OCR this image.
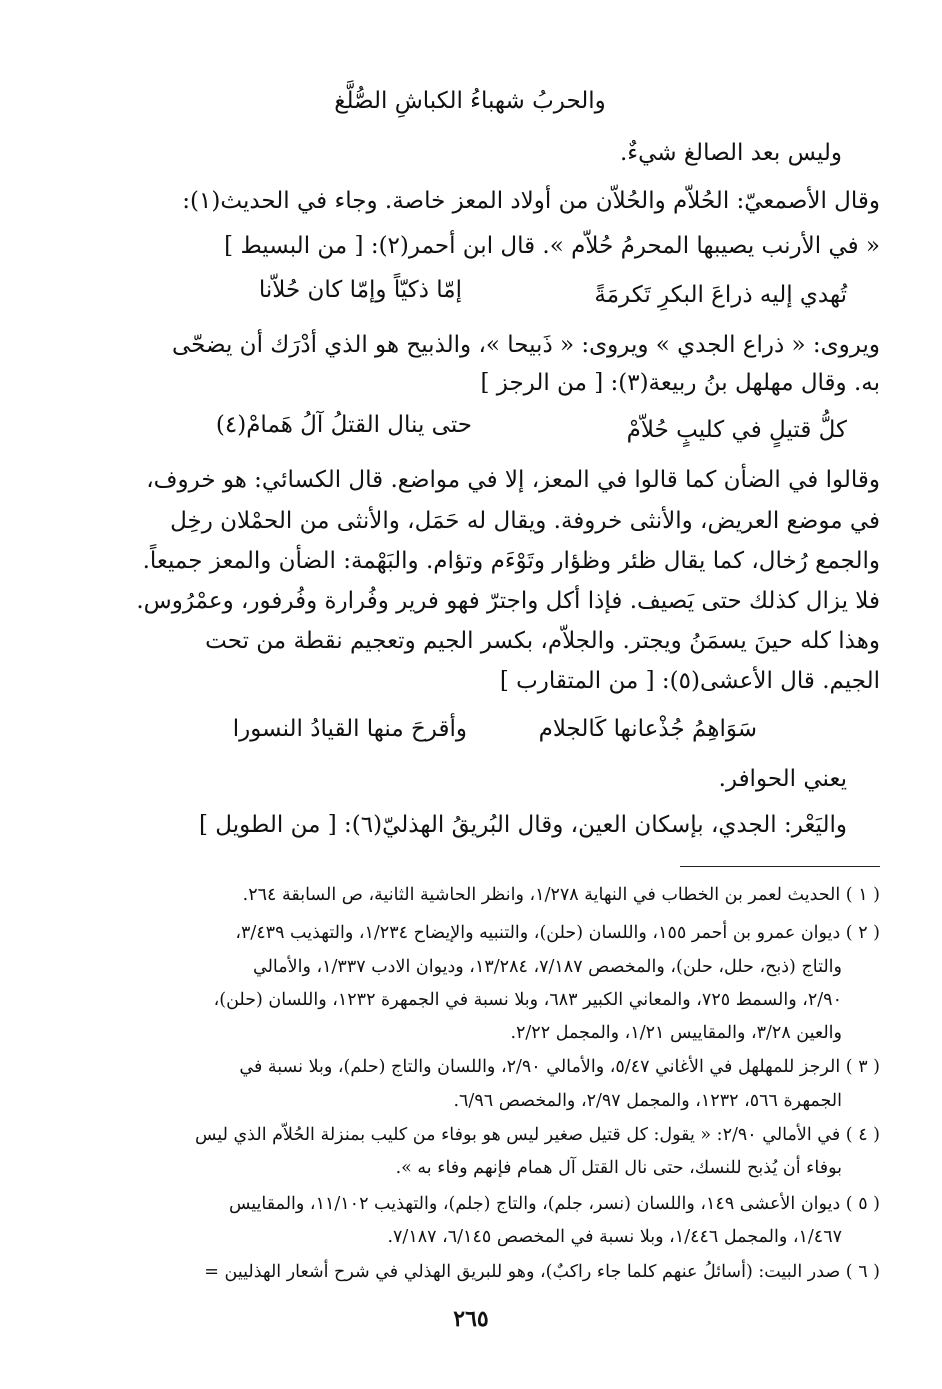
والحربُ شهباءُ الكباشِ الصُّلَّغ
وليس بعد الصالغ شيءٌ.
وقال الأصمعيّ: الحُلاّم والحُلاّن من أولاد المعز خاصة. وجاء في الحديث(١):
« في الأرنب يصيبها المحرمُ حُلاّم ». قال ابن أحمر(٢): [ من البسيط ]
تُهدي إليه ذراعَ البكرِ تَكرمَةً
إمّا ذكيّاً وإمّا كان حُلاّنا
ويروى: « ذراع الجدي » ويروى: « ذَبيحا »، والذبيح هو الذي أدْرَك أن يضحّى
به. وقال مهلهل بنُ ربيعة(٣): [ من الرجز ]
كلُّ قتيلٍ في كليبٍ حُلاّمْ
حتى ينال القتلُ آلُ هَمامْ(٤)
وقالوا في الضأن كما قالوا في المعز، إلا في مواضع. قال الكسائي: هو خروف،
في موضع العريض، والأنثى خروفة. ويقال له حَمَل، والأنثى من الحمْلان رخِل
والجمع رُخال، كما يقال ظئر وظؤار وتَوْءَم وتؤام. والبَهْمة: الضأن والمعز جميعاً.
فلا يزال كذلك حتى يَصيف. فإذا أكل واجترّ فهو فرير وفُرارة وفُرفور، وعمْرُوس.
وهذا كله حينَ يسمَنُ ويجتر. والجلاّم، بكسر الجيم وتعجيم نقطة من تحت
الجيم. قال الأعشى(٥): [ من المتقارب ]
سَوَاهِمُ جُذْعانها كَالجلام
وأقرحَ منها القيادُ النسورا
يعني الحوافر.
واليَعْر: الجدي، بإسكان العين، وقال البُريقُ الهذليّ(٦): [ من الطويل ]
( ١ ) الحديث لعمر بن الخطاب في النهاية ١/٢٧٨، وانظر الحاشية الثانية، ص السابقة ٢٦٤.
( ٢ ) ديوان عمرو بن أحمر ١٥٥، واللسان (حلن)، والتنبيه والإيضاح ١/٢٣٤، والتهذيب ٣/٤٣٩،
والتاج (ذبح، حلل، حلن)، والمخصص ٧/١٨٧، ١٣/٢٨٤، وديوان الادب ١/٣٣٧، والأمالي
٢/٩٠، والسمط ٧٢٥، والمعاني الكبير ٦٨٣، وبلا نسبة في الجمهرة ١٢٣٢، واللسان (حلن)،
والعين ٣/٢٨، والمقاييس ١/٢١، والمجمل ٢/٢٢.
( ٣ ) الرجز للمهلهل في الأغاني ٥/٤٧، والأمالي ٢/٩٠، واللسان والتاج (حلم)، وبلا نسبة في
الجمهرة ٥٦٦، ١٢٣٢، والمجمل ٢/٩٧، والمخصص ٦/٩٦.
( ٤ ) في الأمالي ٢/٩٠: « يقول: كل قتيل صغير ليس هو بوفاء من كليب بمنزلة الحُلاّم الذي ليس
بوفاء أن يُذبح للنسك، حتى نال القتل آل همام فإنهم وفاء به ».
( ٥ ) ديوان الأعشى ١٤٩، واللسان (نسر، جلم)، والتاج (جلم)، والتهذيب ١١/١٠٢، والمقاييس
١/٤٦٧، والمجمل ١/٤٤٦، وبلا نسبة في المخصص ٦/١٤٥، ٧/١٨٧.
( ٦ ) صدر البيت: (أسائلُ عنهم كلما جاء راكبٌ)، وهو للبريق الهذلي في شرح أشعار الهذليين =
٢٦٥
